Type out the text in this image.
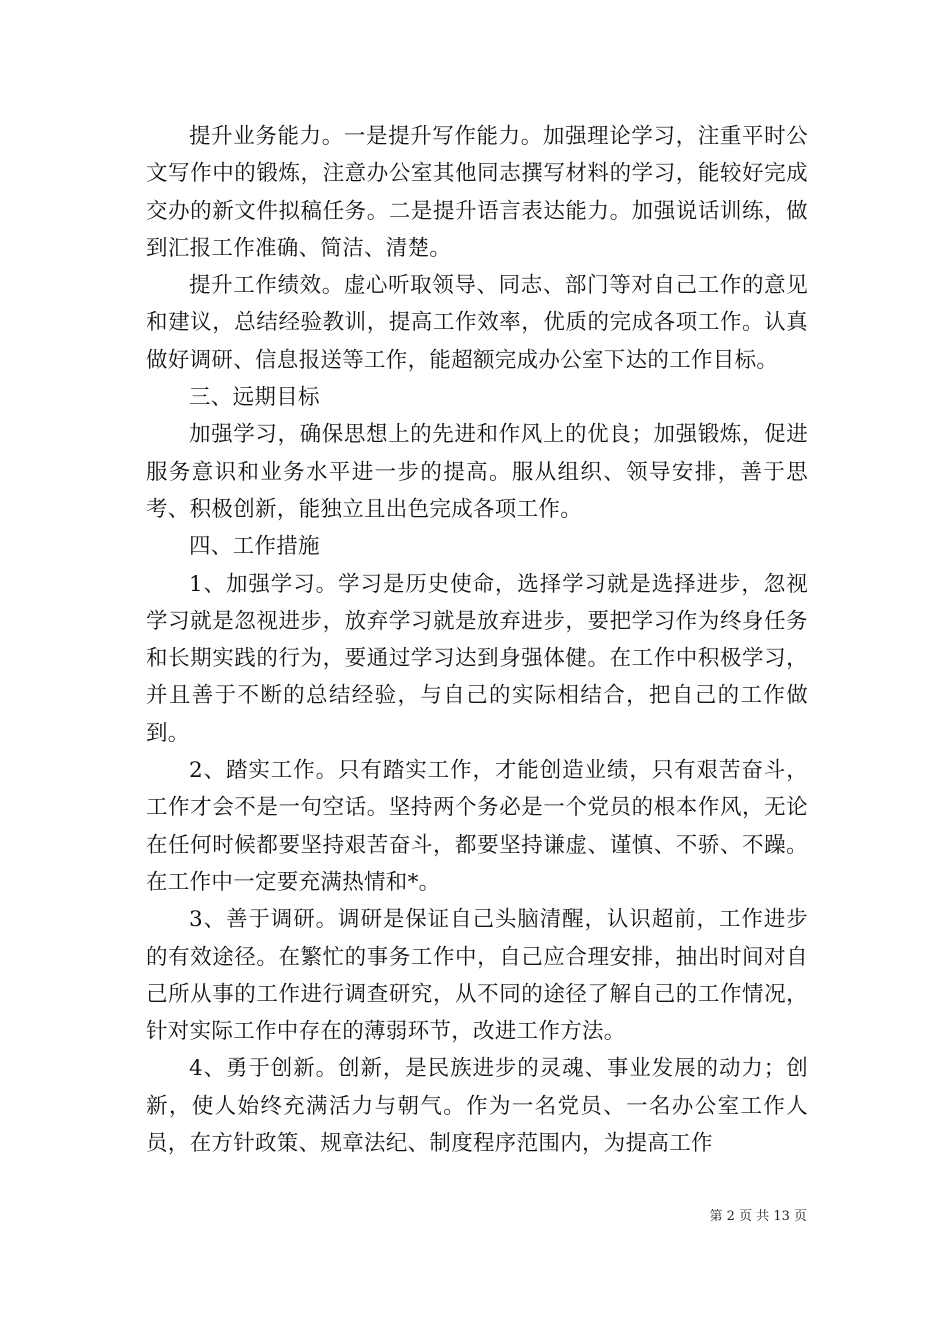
提升业务能力。一是提升写作能力。加强理论学习，注重平时公文写作中的锻炼，注意办公室其他同志撰写材料的学习，能较好完成交办的新文件拟稿任务。二是提升语言表达能力。加强说话训练，做到汇报工作准确、简洁、清楚。

提升工作绩效。虚心听取领导、同志、部门等对自己工作的意见和建议，总结经验教训，提高工作效率，优质的完成各项工作。认真做好调研、信息报送等工作，能超额完成办公室下达的工作目标。

三、远期目标

加强学习，确保思想上的先进和作风上的优良；加强锻炼，促进服务意识和业务水平进一步的提高。服从组织、领导安排，善于思考、积极创新，能独立且出色完成各项工作。

四、工作措施

1、加强学习。学习是历史使命，选择学习就是选择进步，忽视学习就是忽视进步，放弃学习就是放弃进步，要把学习作为终身任务和长期实践的行为，要通过学习达到身强体健。在工作中积极学习，并且善于不断的总结经验，与自己的实际相结合，把自己的工作做到。

2、踏实工作。只有踏实工作，才能创造业绩，只有艰苦奋斗，工作才会不是一句空话。坚持两个务必是一个党员的根本作风，无论在任何时候都要坚持艰苦奋斗，都要坚持谦虚、谨慎、不骄、不躁。在工作中一定要充满热情和*。

3、善于调研。调研是保证自己头脑清醒，认识超前，工作进步的有效途径。在繁忙的事务工作中，自己应合理安排，抽出时间对自己所从事的工作进行调查研究，从不同的途径了解自己的工作情况，针对实际工作中存在的薄弱环节，改进工作方法。

4、勇于创新。创新，是民族进步的灵魂、事业发展的动力；创新，使人始终充满活力与朝气。作为一名党员、一名办公室工作人员，在方针政策、规章法纪、制度程序范围内，为提高工作

第 2 页 共 13 页
